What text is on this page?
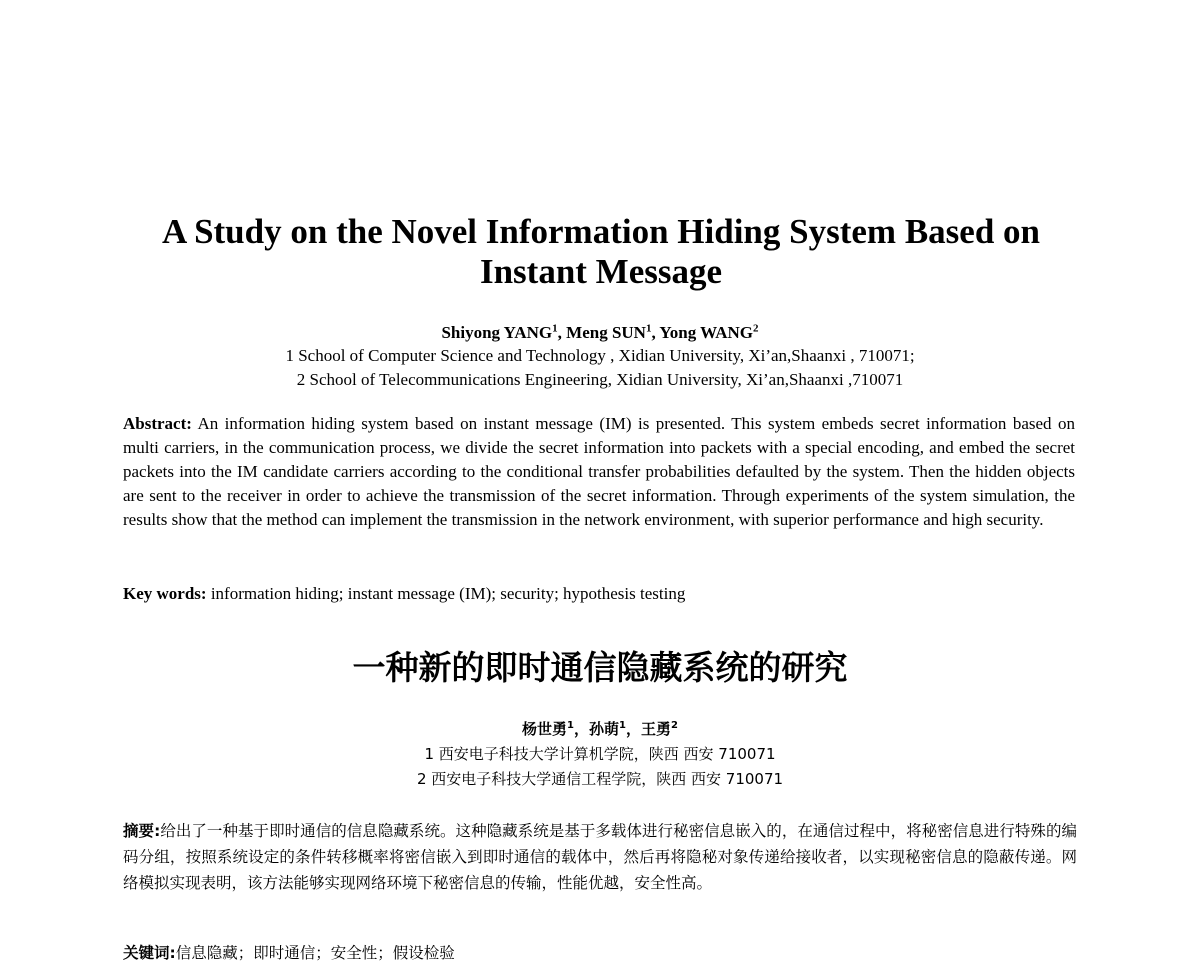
A Study on the Novel Information Hiding System Based on
Instant Message
Shiyong YANG$^1$, Meng SUN$^1$, Yong WANG$^2$
1 School of Computer Science and Technology , Xidian University, Xi’an,Shaanxi , 710071;
2 School of Telecommunications Engineering, Xidian University, Xi’an,Shaanxi ,710071

Abstract: An information hiding system based on instant message (IM) is presented. This system embeds secret information based on multi carriers, in the communication process, we divide the secret information into packets with a special encoding, and embed the secret packets into the IM candidate carriers according to the conditional transfer probabilities defaulted by the system. Then the hidden objects are sent to the receiver in order to achieve the transmission of the secret information. Through experiments of the system simulation, the results show that the method can implement the transmission in the network environment, with superior performance and high security.

Key words: information hiding; instant message (IM); security; hypothesis testing

一种新的即时通信隐藏系统的研究
杨世勇$^1$，孙萌$^1$，王勇$^2$
1 西安电子科技大学计算机学院，陕西 西安 710071
2 西安电子科技大学通信工程学院，陕西 西安 710071

摘要:给出了一种基于即时通信的信息隐藏系统。这种隐藏系统是基于多载体进行秘密信息嵌入的，在通信过程中，将秘密信息进行特殊的编码分组，按照系统设定的条件转移概率将密信嵌入到即时通信的载体中，然后再将隐秘对象传递给接收者，以实现秘密信息的隐蔽传递。网络模拟实现表明，该方法能够实现网络环境下秘密信息的传输，性能优越，安全性高。

关键词:信息隐藏；即时通信；安全性；假设检验
